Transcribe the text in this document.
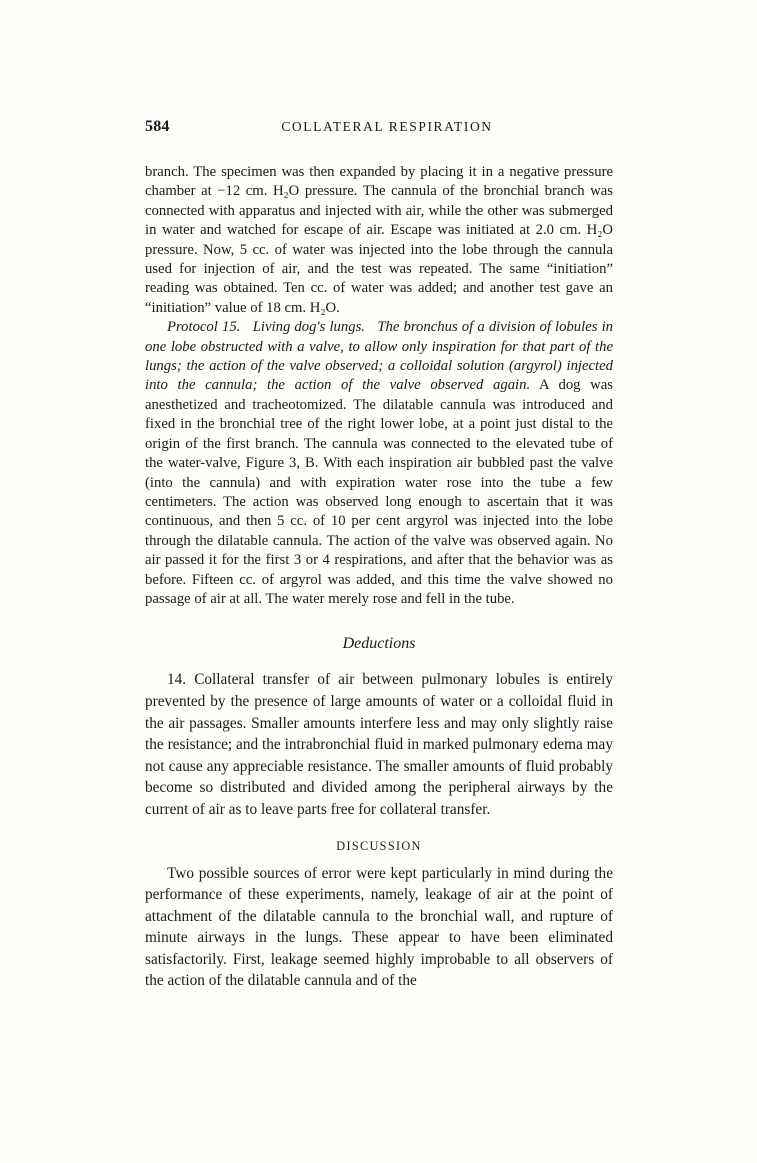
584	COLLATERAL RESPIRATION

branch. The specimen was then expanded by placing it in a negative pressure chamber at −12 cm. H₂O pressure. The cannula of the bronchial branch was connected with apparatus and injected with air, while the other was submerged in water and watched for escape of air. Escape was initiated at 2.0 cm. H₂O pressure. Now, 5 cc. of water was injected into the lobe through the cannula used for injection of air, and the test was repeated. The same “initiation” reading was obtained. Ten cc. of water was added; and another test gave an “initiation” value of 18 cm. H₂O.

Protocol 15. Living dog's lungs. The bronchus of a division of lobules in one lobe obstructed with a valve, to allow only inspiration for that part of the lungs; the action of the valve observed; a colloidal solution (argyrol) injected into the cannula; the action of the valve observed again. A dog was anesthetized and tracheotomized. The dilatable cannula was introduced and fixed in the bronchial tree of the right lower lobe, at a point just distal to the origin of the first branch. The cannula was connected to the elevated tube of the water-valve, Figure 3, B. With each inspiration air bubbled past the valve (into the cannula) and with expiration water rose into the tube a few centimeters. The action was observed long enough to ascertain that it was continuous, and then 5 cc. of 10 per cent argyrol was injected into the lobe through the dilatable cannula. The action of the valve was observed again. No air passed it for the first 3 or 4 respirations, and after that the behavior was as before. Fifteen cc. of argyrol was added, and this time the valve showed no passage of air at all. The water merely rose and fell in the tube.

Deductions

14. Collateral transfer of air between pulmonary lobules is entirely prevented by the presence of large amounts of water or a colloidal fluid in the air passages. Smaller amounts interfere less and may only slightly raise the resistance; and the intrabronchial fluid in marked pulmonary edema may not cause any appreciable resistance. The smaller amounts of fluid probably become so distributed and divided among the peripheral airways by the current of air as to leave parts free for collateral transfer.

DISCUSSION

Two possible sources of error were kept particularly in mind during the performance of these experiments, namely, leakage of air at the point of attachment of the dilatable cannula to the bronchial wall, and rupture of minute airways in the lungs. These appear to have been eliminated satisfactorily. First, leakage seemed highly improbable to all observers of the action of the dilatable cannula and of the
